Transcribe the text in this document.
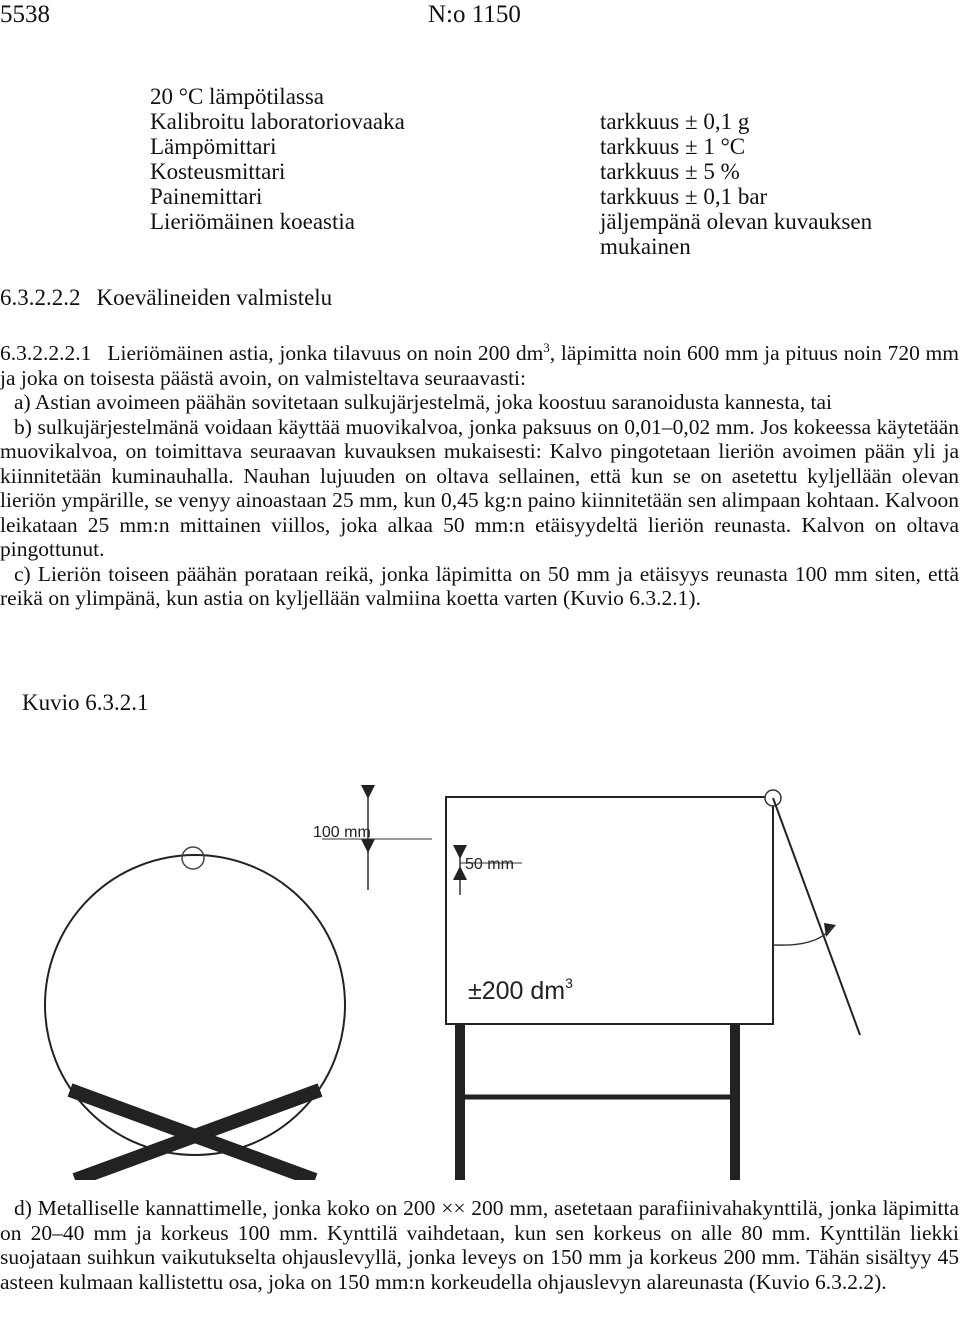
5538	N:o 1150
20 °C lämpötilassa
Kalibroitu laboratoriovaaka	tarkkuus ± 0,1 g
Lämpömittari	tarkkuus ± 1 °C
Kosteusmittari	tarkkuus ± 5 %
Painemittari	tarkkuus ± 0,1 bar
Lieriömäinen koeastia	jäljempänä olevan kuvauksen
mukainen
6.3.2.2.2 Koevälineiden valmistelu

6.3.2.2.2.1 Lieriömäinen astia, jonka tilavuus on noin 200 $dm^3$, läpimitta noin 600 mm ja pituus noin 720 mm ja joka on toisesta päästä avoin, on valmisteltava seuraavasti:

a) Astian avoimeen päähän sovitetaan sulkujärjestelmä, joka koostuu saranoidusta kannesta, tai

b) sulkujärjestelmänä voidaan käyttää muovikalvoa, jonka paksuus on 0,01–0,02 mm. Jos kokeessa käytetään muovikalvoa, on toimittava seuraavan kuvauksen mukaisesti: Kalvo pingotetaan lieriön avoimen pään yli ja kiinnitetään kuminauhalla. Nauhan lujuuden on oltava sellainen, että kun se on asetettu kyljellään olevan lieriön ympärille, se venyy ainoastaan 25 mm, kun 0,45 kg:n paino kiinnitetään sen alimpaan kohtaan. Kalvoon leikataan 25 mm:n mittainen viillos, joka alkaa 50 mm:n etäisyydeltä lieriön reunasta. Kalvon on oltava pingottunut.

c) Lieriön toiseen päähän porataan reikä, jonka läpimitta on 50 mm ja etäisyys reunasta 100 mm siten, että reikä on ylimpänä, kun astia on kyljellään valmiina koetta varten (Kuvio 6.3.2.1).

Kuvio 6.3.2.1
100 mm
50 mm
±200 $dm^3$

d) Metalliselle kannattimelle, jonka koko on 200 ×× 200 mm, asetetaan parafiinivahakynttilä, jonka läpimitta on 20–40 mm ja korkeus 100 mm. Kynttilä vaihdetaan, kun sen korkeus on alle 80 mm. Kynttilän liekki suojataan suihkun vaikutukselta ohjauslevyllä, jonka leveys on 150 mm ja korkeus 200 mm. Tähän sisältyy 45 asteen kulmaan kallistettu osa, joka on 150 mm:n korkeudella ohjauslevyn alareunasta (Kuvio 6.3.2.2).
